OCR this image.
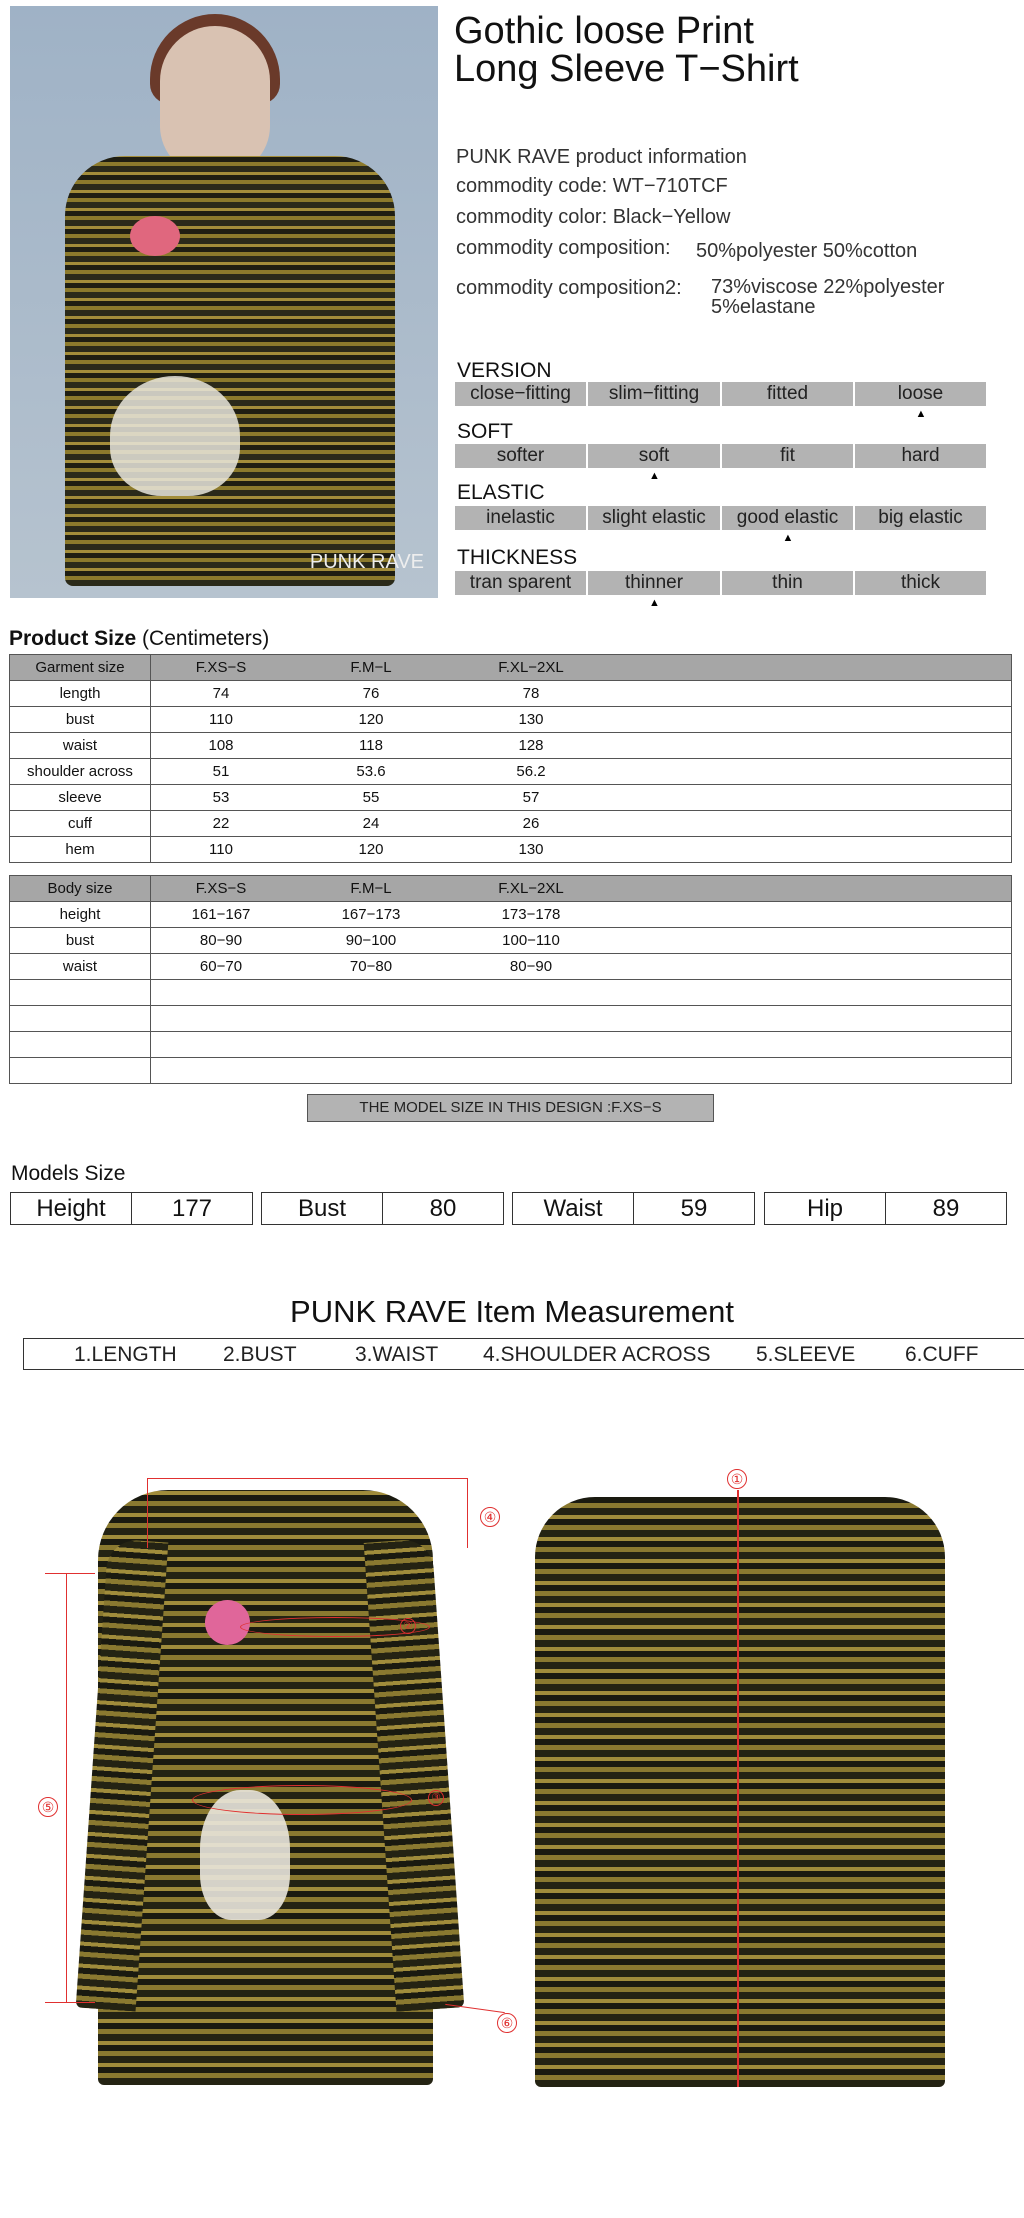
PUNK RAVE
Gothic loose Print
Long Sleeve T−Shirt
PUNK RAVE product information
commodity code: WT−710TCF
commodity color: Black−Yellow
commodity composition: 50%polyester 50%cotton
commodity composition2: 73%viscose 22%polyester
5%elastane
VERSION
close−fitting	slim−fitting	fitted	loose
▲
SOFT
softer	soft	fit	hard
▲
ELASTIC
inelastic	slight elastic	good elastic	big elastic
▲
THICKNESS
tran sparent	thinner	thin	thick
▲
Product Size (Centimeters)
Garment size	F.XS−S F.M−L F.XL−2XL

length	74 76 78

bust	110 120 130

waist	108 118 128

shoulder across	51 53.6 56.2

sleeve	53 55 57

cuff	22 24 26

hem	110 120 130
Body size	F.XS−S F.M−L F.XL−2XL

height	161−167 167−173 173−178

bust	80−90 90−100 100−110

waist	60−70 70−80 80−90

THE MODEL SIZE IN THIS DESIGN :F.XS−S
Models Size
Height	177	Bust	80	Waist	59	Hip	89
PUNK RAVE Item Measurement
1.LENGTH 2.BUST	3.WAIST 4.SHOULDER ACROSS 5.SLEEVE 6.CUFF
④
⑤
⑥
②
③
①
